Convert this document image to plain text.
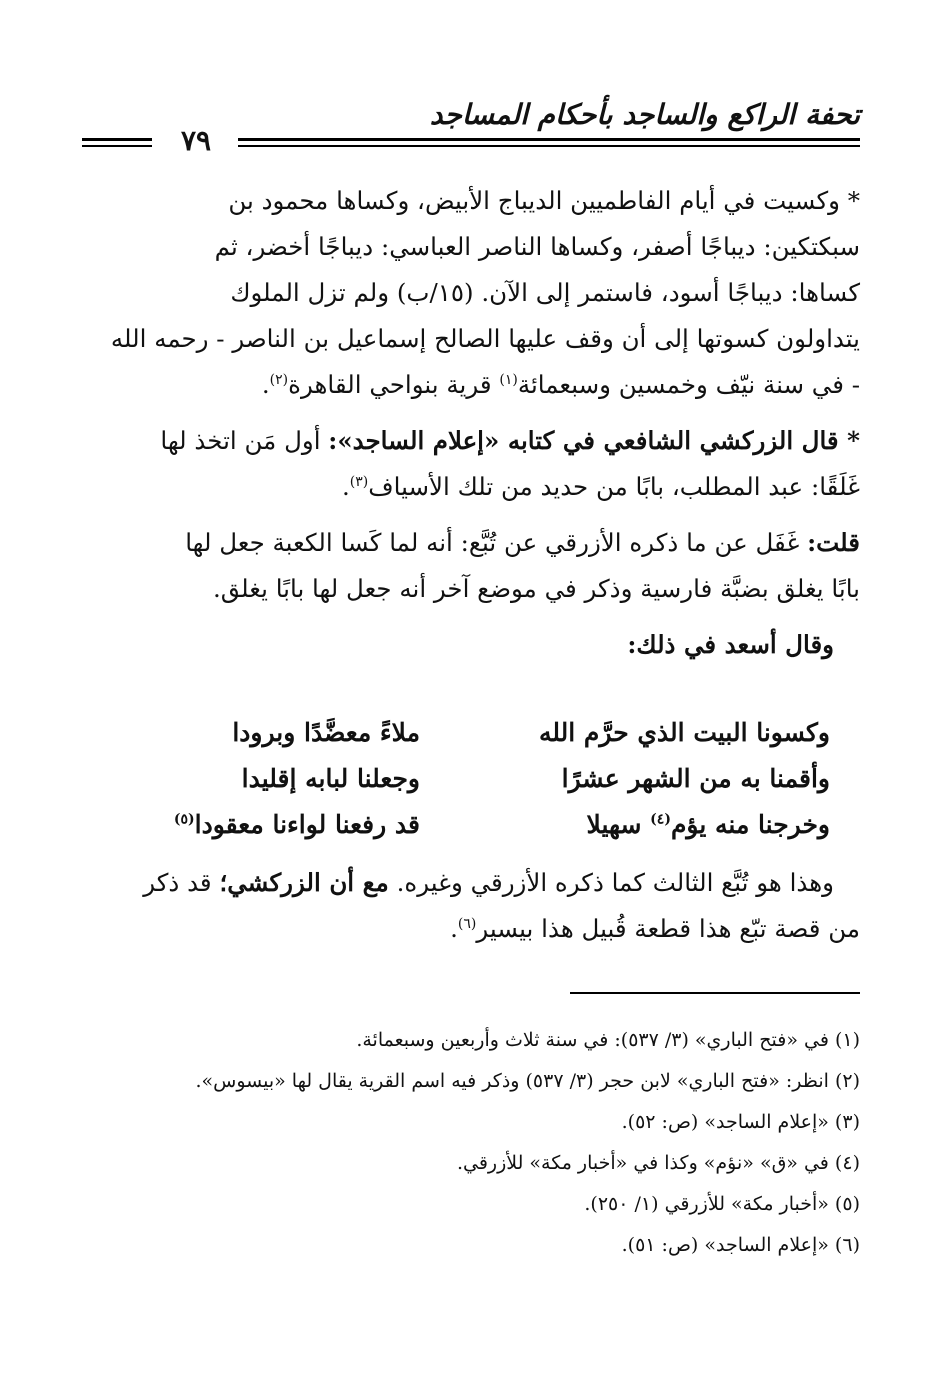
تحفة الراكع والساجد بأحكام المساجد
٧٩
* وكسيت في أيام الفاطميين الديباج الأبيض، وكساها محمود بن
سبكتكين: ديباجًا أصفر، وكساها الناصر العباسي: ديباجًا أخضر، ثم
كساها: ديباجًا أسود، فاستمر إلى الآن. (١٥/ب) ولم تزل الملوك
يتداولون كسوتها إلى أن وقف عليها الصالح إسماعيل بن الناصر - رحمه الله
- في سنة نيّف وخمسين وسبعمائة$^{(١)}$ قرية بنواحي القاهرة$^{(٢)}$.
* قال الزركشي الشافعي في كتابه «إعلام الساجد»: أول مَن اتخذ لها
غَلَقًا: عبد المطلب، بابًا من حديد من تلك الأسياف$^{(٣)}$.
قلت: غَفَل عن ما ذكره الأزرقي عن تُبَّع: أنه لما كَسا الكعبة جعل لها
بابًا يغلق بضبَّة فارسية وذكر في موضع آخر أنه جعل لها بابًا يغلق.
وقال أسعد في ذلك:
وكسونا البيت الذي حرَّم الله
ملاءً معضَّدًا وبرودا
وأقمنا به من الشهر عشرًا
وجعلنا لبابه إقليدا
وخرجنا منه يؤم$^{(٤)}$ سهيلا
قد رفعنا لواءنا معقودا$^{(٥)}$
وهذا هو تُبَّع الثالث كما ذكره الأزرقي وغيره. مع أن الزركشي؛ قد ذكر
من قصة تبّع هذا قطعة قُبيل هذا بيسير$^{(٦)}$.
(١) في «فتح الباري» (٣/ ٥٣٧): في سنة ثلاث وأربعين وسبعمائة.
(٢) انظر: «فتح الباري» لابن حجر (٣/ ٥٣٧) وذكر فيه اسم القرية يقال لها «بيسوس».
(٣) «إعلام الساجد» (ص: ٥٢).
(٤) في «ق» «نؤم» وكذا في «أخبار مكة» للأزرقي.
(٥) «أخبار مكة» للأزرقي (١/ ٢٥٠).
(٦) «إعلام الساجد» (ص: ٥١).
